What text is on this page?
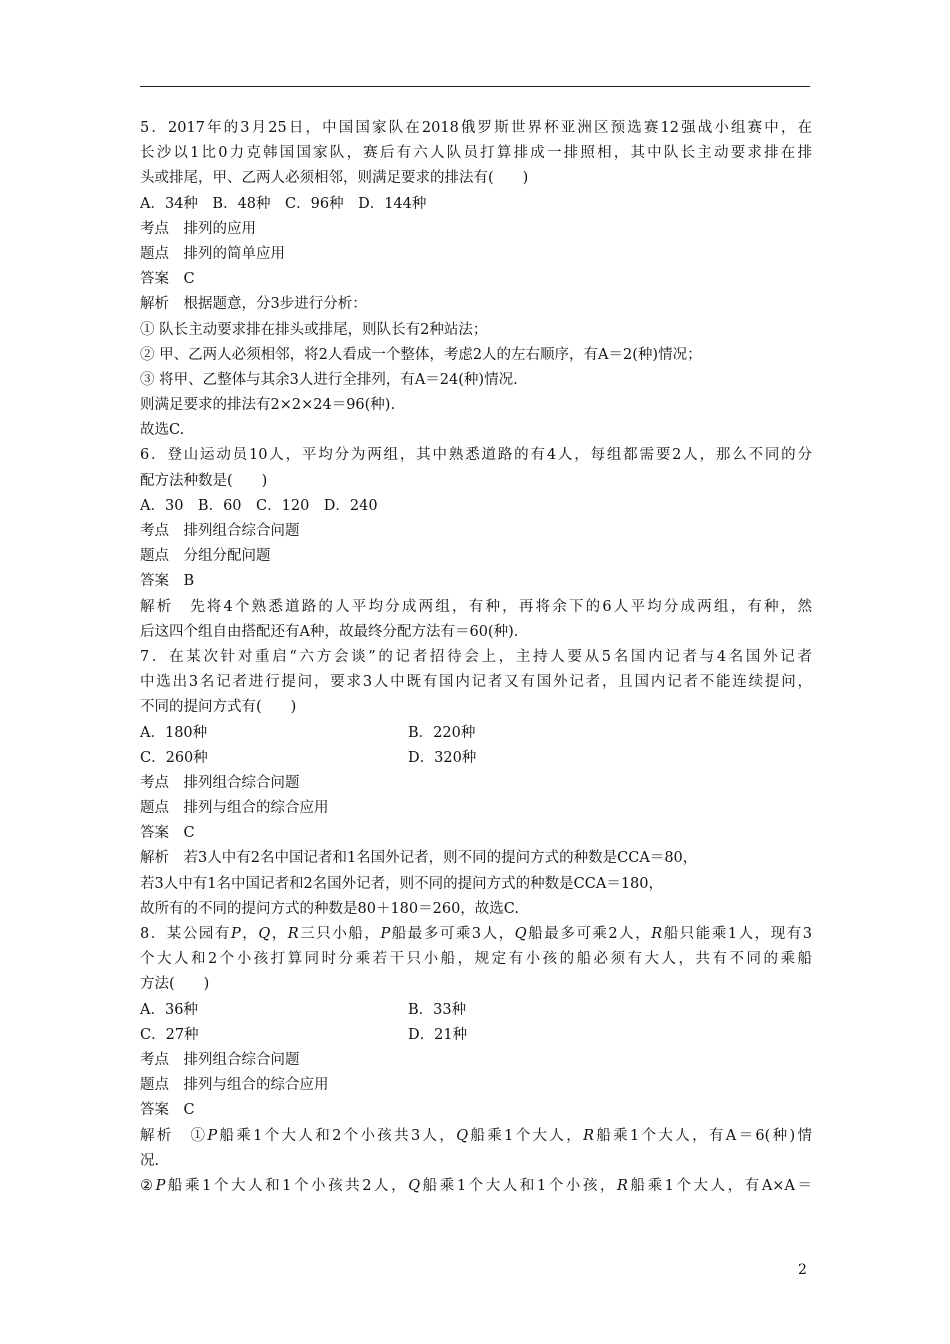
5．2017年的3月25日，中国国家队在2018俄罗斯世界杯亚洲区预选赛12强战小组赛中，在
长沙以1比0力克韩国国家队，赛后有六人队员打算排成一排照相，其中队长主动要求排在排
头或排尾，甲、乙两人必须相邻，则满足要求的排法有(　　)
A．34种　B．48种　C．96种　D．144种
考点　排列的应用
题点　排列的简单应用
答案　C
解析　根据题意，分3步进行分析：
① 队长主动要求排在排头或排尾，则队长有2种站法；
② 甲、乙两人必须相邻，将2人看成一个整体，考虑2人的左右顺序，有A＝2(种)情况；
③ 将甲、乙整体与其余3人进行全排列，有A＝24(种)情况.
则满足要求的排法有2×2×24＝96(种).
故选C.
6．登山运动员10人，平均分为两组，其中熟悉道路的有4人，每组都需要2人，那么不同的分
配方法种数是(　　)
A．30　B．60　C．120　D．240
考点　排列组合综合问题
题点　分组分配问题
答案　B
解析　先将4个熟悉道路的人平均分成两组，有种，再将余下的6人平均分成两组，有种，然
后这四个组自由搭配还有A种，故最终分配方法有＝60(种).
7．在某次针对重启“六方会谈”的记者招待会上，主持人要从5名国内记者与4名国外记者
中选出3名记者进行提问，要求3人中既有国内记者又有国外记者，且国内记者不能连续提问，
不同的提问方式有(　　)
A．180种	B．220种
C．260种	D．320种
考点　排列组合综合问题
题点　排列与组合的综合应用
答案　C
解析　若3人中有2名中国记者和1名国外记者，则不同的提问方式的种数是CCA＝80，
若3人中有1名中国记者和2名国外记者，则不同的提问方式的种数是CCA＝180，
故所有的不同的提问方式的种数是80＋180＝260，故选C.
8．某公园有P，Q，R三只小船，P船最多可乘3人，Q船最多可乘2人，R船只能乘1人，现有3
个大人和2个小孩打算同时分乘若干只小船，规定有小孩的船必须有大人，共有不同的乘船
方法(　　)
A．36种	B．33种
C．27种	D．21种
考点　排列组合综合问题
题点　排列与组合的综合应用
答案　C
解析　①P船乘1个大人和2个小孩共3人，Q船乘1个大人，R船乘1个大人，有A＝6(种)情
况.
②P船乘1个大人和1个小孩共2人，Q船乘1个大人和1个小孩，R船乘1个大人，有A×A＝
2
